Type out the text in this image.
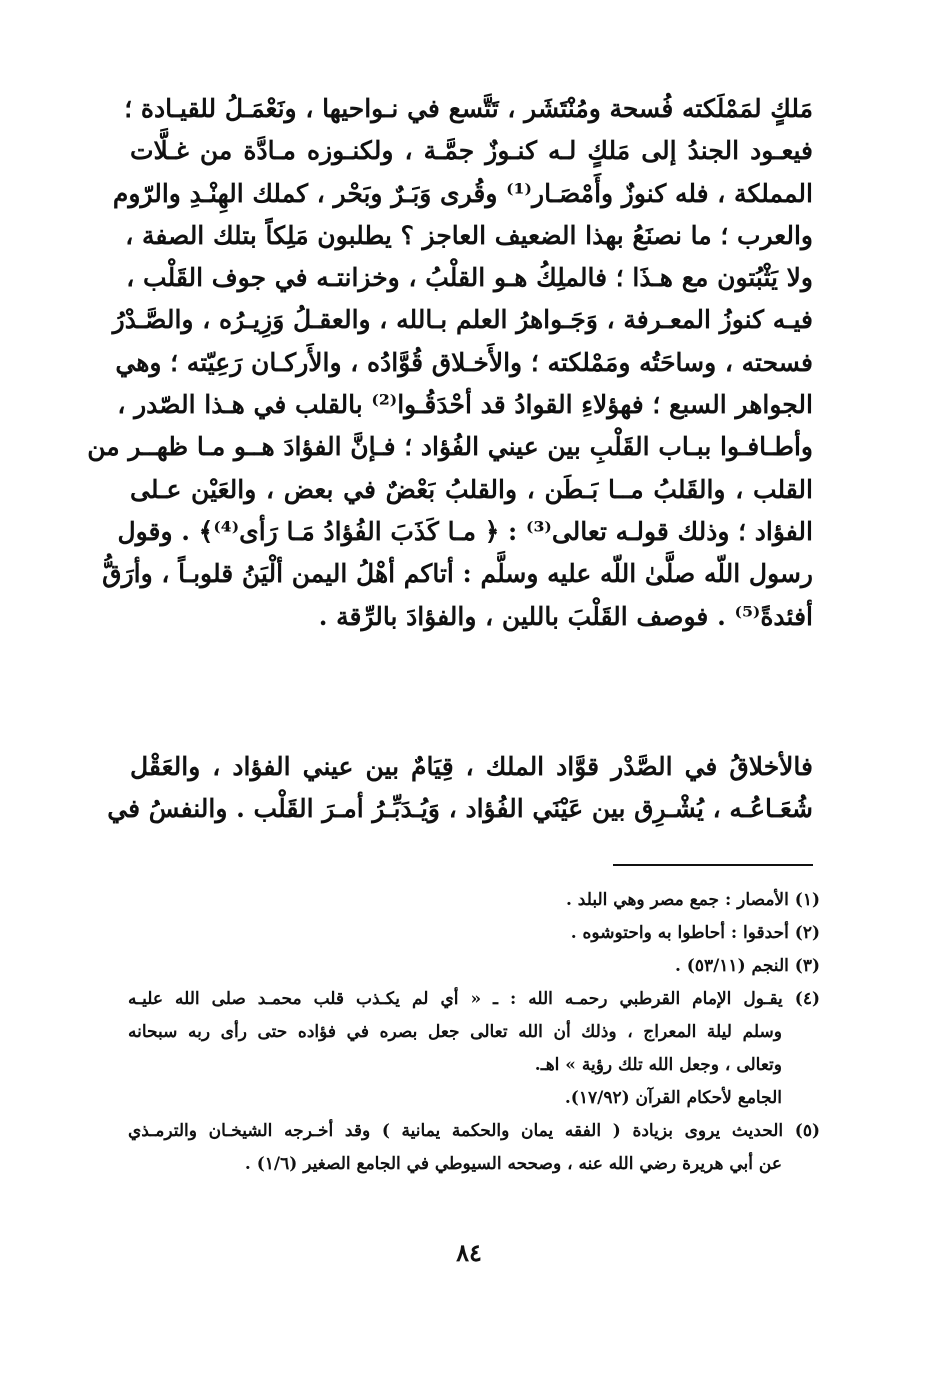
مَلكٍ لمَمْلَكته فُسحة ومُنْتَشَر ، تَتَّسع في نـواحيها ، ونَعْمَـلُ للقيـادة ؛
فيعـود الجندُ إلى مَلكٍ لـه كنـوزٌ جمَّـة ، ولكنـوزه مـادَّة من غـلَّات
المملكة ، فله كنوزٌ وأَمْصَـار⁽¹⁾ وقُرى وَبَـرٌ وبَحْر ، كملك الهِنْـدِ والرّوم
والعرب ؛ ما نصنَعُ بهذا الضعيف العاجز ؟ يطلبون مَلِكاً بتلك الصفة ،
ولا يَثْبُتون مع هـذَا ؛ فالملِكُ هـو القلْبُ ، وخزانتـه في جوف القَلْب ،
فيـه كنوزُ المعـرفة ، وَجَـواهرُ العلم بـالله ، والعقـلُ وَزِيـرُه ، والصَّـدْرُ
فسحته ، وساحَتُه ومَمْلكته ؛ والأَخـلاق قُوَّادُه ، والأَركـان رَعِيّته ؛ وهي
الجواهر السبع ؛ فهؤلاءِ القوادُ قد أحْدَقُـوا⁽²⁾ بالقلب في هـذا الصّدر ،
وأطـافـوا ببـاب القَلْبِ بين عيني الفُؤاد ؛ فـإنَّ الفؤادَ هــو مـا ظهــر من
القلب ، والقَلبُ مــا بَـطَن ، والقلبُ بَعْضٌ في بعض ، والعَيْن عـلى
الفؤاد ؛ وذلك قولـه تعالى⁽³⁾ : ﴿ مـا كَذَبَ الفُؤادُ مَـا رَأى⁽⁴⁾﴾ . وقول
رسول اللّه صلَّىٰ اللّه عليه وسلَّم : أتاكم أهْلُ اليمن ألْيَنُ قلوبـاً ، وأرَقُّ
أفئدةً⁽⁵⁾ . فوصف القَلْبَ باللين ، والفؤادَ بالرِّقة .
فالأخلاقُ في الصَّدْر قوَّاد الملك ، قِيَامٌ بين عيني الفؤاد ، والعَقْل
شُعَـاعُـه ، يُشْـرِق بين عَيْنَي الفُؤاد ، وَيُـدَبِّـرُ أمـرَ القَلْب . والنفسُ في
(١) الأمصار : جمع مصر وهي البلد .
(٢) أحدقوا : أحاطوا به واحتوشوه .
(٣) النجم (٥٣/١١) .
(٤) يقـول الإمام القرطبي رحمـه الله : ـ « أي لم يكـذب قلب محمـد صلى الله عليـه
وسلم ليلة المعراج ، وذلك أن الله تعالى جعل بصره في فؤاده حتى رأى ربه سبحانه
وتعالى ، وجعل الله تلك رؤية » اهـ.
الجامع لأحكام القرآن (١٧/٩٢).
(٥) الحديث يروى بزيادة ( الفقه يمان والحكمة يمانية ) وقد أخـرجه الشيخـان والترمـذي
عن أبي هريرة رضي الله عنه ، وصححه السيوطي في الجامع الصغير (١/٦) .
٨٤
